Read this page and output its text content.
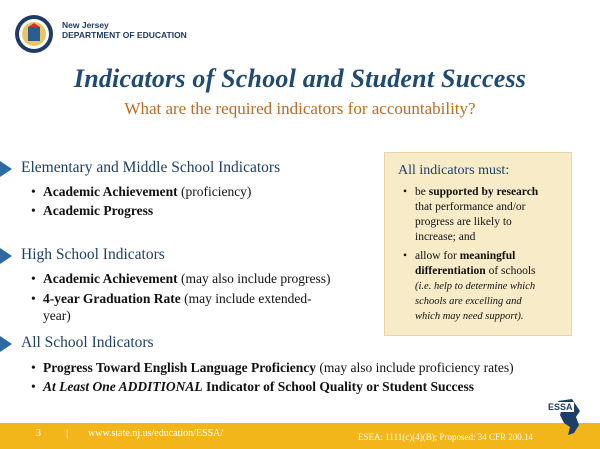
New Jersey
DEPARTMENT OF EDUCATION
Indicators of School and Student Success
What are the required indicators for accountability?
Elementary and Middle School Indicators
• Academic Achievement (proficiency)
• Academic Progress
High School Indicators
• Academic Achievement (may also include progress)
• 4-year Graduation Rate (may include extended-
year)
All School Indicators
• Progress Toward English Language Proficiency (may also include proficiency rates)
• At Least One ADDITIONAL Indicator of School Quality or Student Success
All indicators must:
• be supported by research
that performance and/or
progress are likely to
increase; and
• allow for meaningful
differentiation of schools
(i.e. help to determine which
schools are excelling and
which may need support).
3 | www.state.nj.us/education/ESSA/	ESEA: 1111(c)(4)(B); Proposed: 34 CFR 200.14
ESSA
